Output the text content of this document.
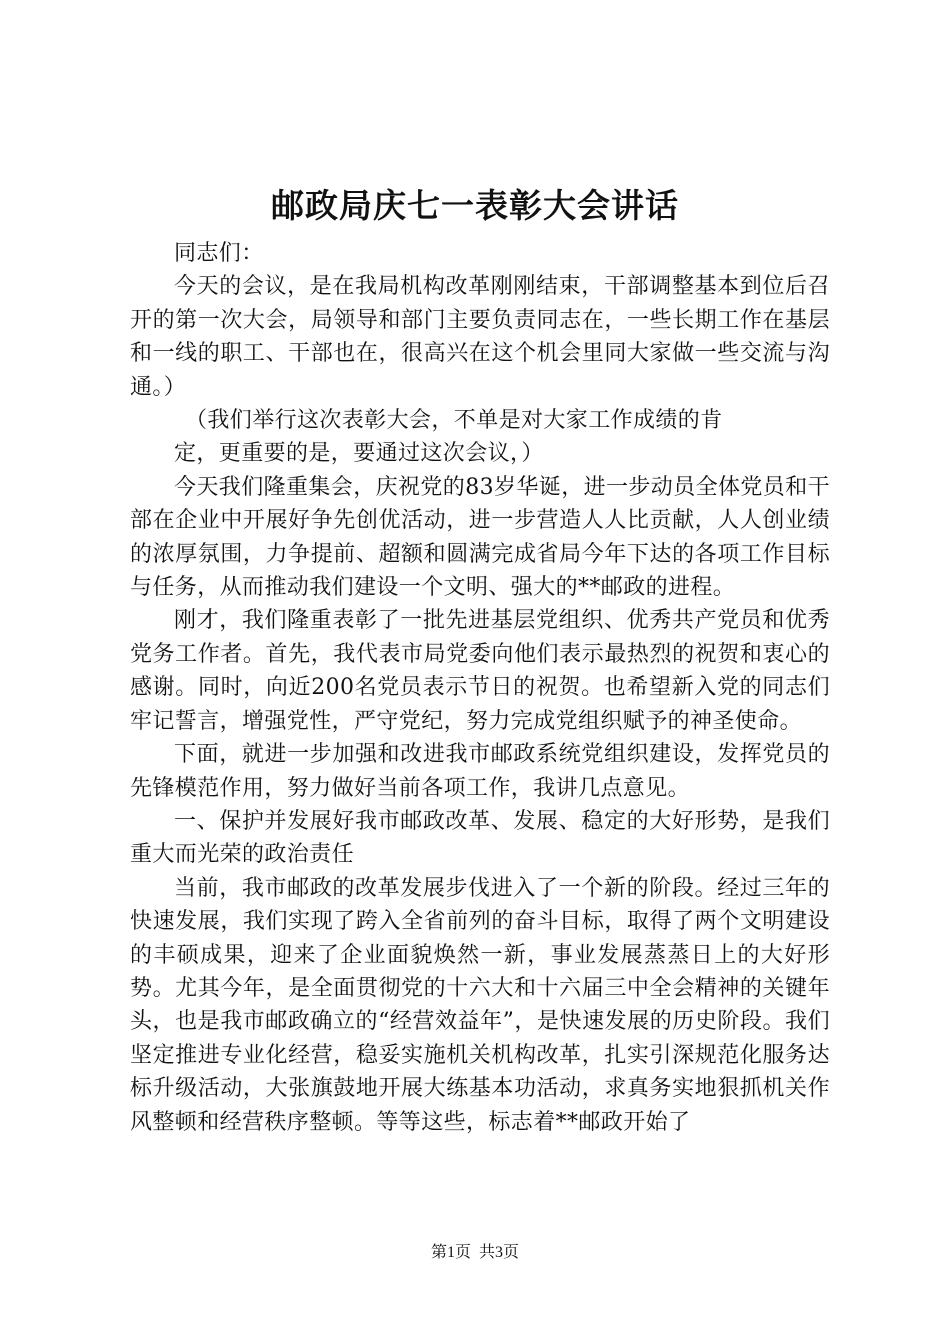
邮政局庆七一表彰大会讲话

同志们：

今天的会议，是在我局机构改革刚刚结束，干部调整基本到位后召开的第一次大会，局领导和部门主要负责同志在，一些长期工作在基层和一线的职工、干部也在，很高兴在这个机会里同大家做一些交流与沟通。）

（我们举行这次表彰大会，不单是对大家工作成绩的肯

定，更重要的是，要通过这次会议，）

今天我们隆重集会，庆祝党的83岁华诞，进一步动员全体党员和干部在企业中开展好争先创优活动，进一步营造人人比贡献，人人创业绩的浓厚氛围，力争提前、超额和圆满完成省局今年下达的各项工作目标与任务，从而推动我们建设一个文明、强大的**邮政的进程。

刚才，我们隆重表彰了一批先进基层党组织、优秀共产党员和优秀党务工作者。首先，我代表市局党委向他们表示最热烈的祝贺和衷心的感谢。同时，向近200名党员表示节日的祝贺。也希望新入党的同志们牢记誓言，增强党性，严守党纪，努力完成党组织赋予的神圣使命。

下面，就进一步加强和改进我市邮政系统党组织建设，发挥党员的先锋模范作用，努力做好当前各项工作，我讲几点意见。

一、保护并发展好我市邮政改革、发展、稳定的大好形势，是我们重大而光荣的政治责任

当前，我市邮政的改革发展步伐进入了一个新的阶段。经过三年的快速发展，我们实现了跨入全省前列的奋斗目标，取得了两个文明建设的丰硕成果，迎来了企业面貌焕然一新，事业发展蒸蒸日上的大好形势。尤其今年，是全面贯彻党的十六大和十六届三中全会精神的关键年头，也是我市邮政确立的“经营效益年”，是快速发展的历史阶段。我们坚定推进专业化经营，稳妥实施机关机构改革，扎实引深规范化服务达标升级活动，大张旗鼓地开展大练基本功活动，求真务实地狠抓机关作风整顿和经营秩序整顿。等等这些，标志着**邮政开始了

第1页 共3页
